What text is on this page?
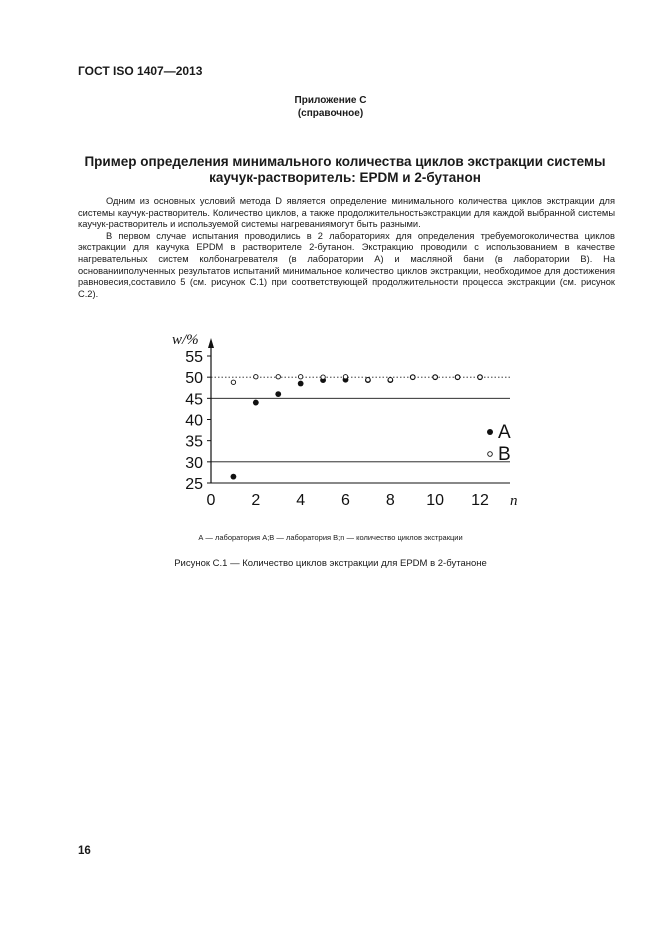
ГОСТ ISO 1407—2013
Приложение С
(справочное)
Пример определения минимального количества циклов экстракции системы каучук-растворитель: EPDM и 2-бутанон

Одним из основных условий метода D является определение минимального количества циклов экстракции для системы каучук-растворитель. Количество циклов, а также продолжительностьэкстракции для каждой выбранной системы каучук-растворитель и используемой системы нагреваниямогут быть разными.

В первом случае испытания проводились в 2 лабораториях для определения требуемогоколичества циклов экстракции для каучука EPDM в растворителе 2-бутанон. Экстракцию проводили с использованием в качестве нагревательных систем колбонагревателя (в лаборатории А) и масляной бани (в лаборатории В). На основанииполученных результатов испытаний минимальное количество циклов экстракции, необходимое для достижения равновесия,составило 5 (см. рисунок С.1) при соответствующей продолжительности процесса экстракции (см. рисунок С.2).

25
30
35
40
45
50
55
0 2 4 6 8 10 12
w/%
n
A
B
А — лаборатория А;В — лаборатория В;n — количество циклов экстракции
Рисунок С.1 — Количество циклов экстракции для EPDM в 2-бутаноне
16
